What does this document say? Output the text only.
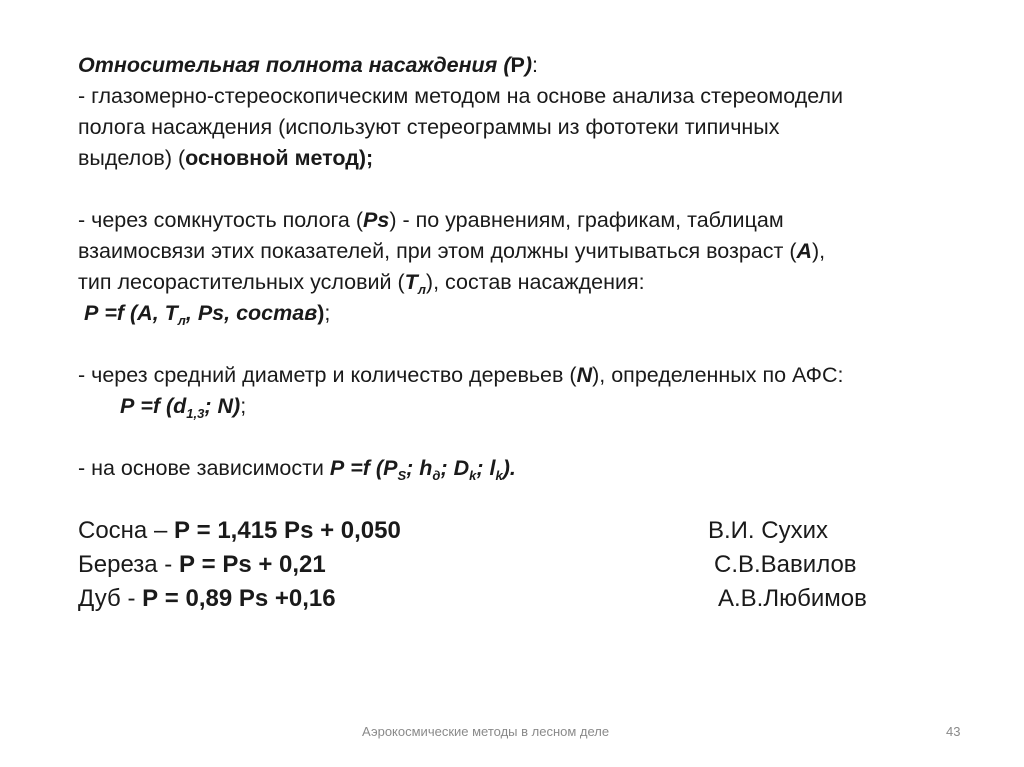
Относительная полнота насаждения (Р):
- глазомерно-стереоскопическим методом на основе анализа стереомодели
полога насаждения (используют стереограммы из фототеки типичных
выделов) (основной метод);
- через сомкнутость полога (Ps) - по уравнениям, графикам, таблицам
взаимосвязи этих показателей, при этом должны учитываться возраст (А),
тип лесорастительных условий $(Т_л)$, состав насаждения:
Р =f (А, $Т_л$, Ps, состав);
- через средний диаметр и количество деревьев (N), определенных по АФС:
Р =f ($d_{1,3}$; N);
- на основе зависимости Р =f ($Р_S$; $h_д$; $D_k$; $l_k$).
Сосна – Р = 1,415 Ps + 0,050	В.И. Сухих
Береза - Р = Ps + 0,21	С.В.Вавилов
Дуб - Р = 0,89 Ps +0,16	А.В.Любимов
Аэрокосмические методы в лесном деле	43
